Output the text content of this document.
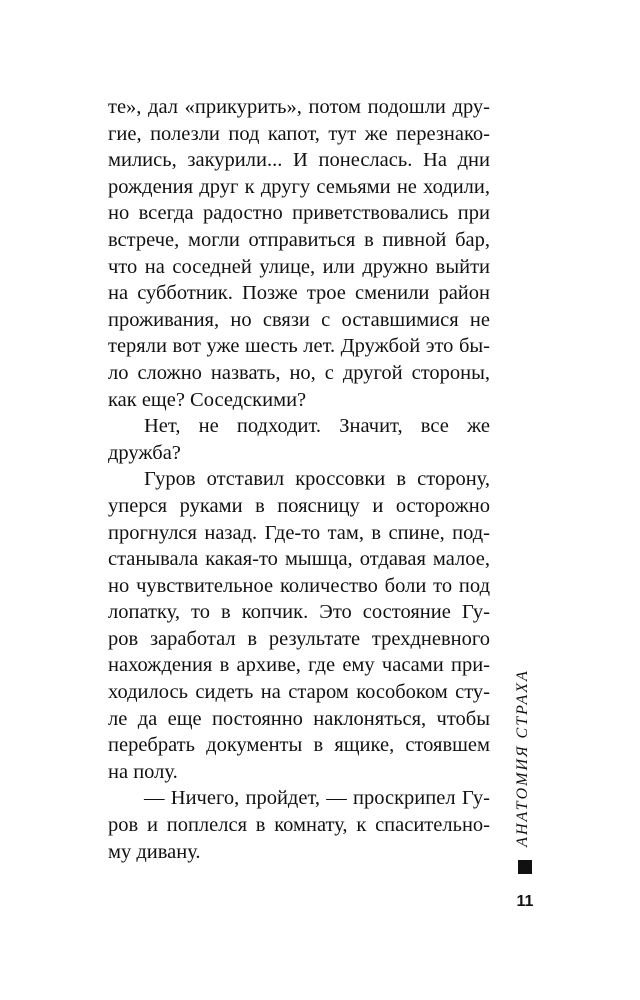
те», дал «прикурить», потом подошли дру-
гие, полезли под капот, тут же перезнако-
мились, закурили... И понеслась. На дни
рождения друг к другу семьями не ходили,
но всегда радостно приветствовались при
встрече, могли отправиться в пивной бар,
что на соседней улице, или дружно выйти
на субботник. Позже трое сменили район
проживания, но связи с оставшимися не
теряли вот уже шесть лет. Дружбой это бы-
ло сложно назвать, но, с другой стороны,
как еще? Соседскими?
Нет, не подходит. Значит, все же
дружба?
Гуров отставил кроссовки в сторону,
уперся руками в поясницу и осторожно
прогнулся назад. Где-то там, в спине, под-
станывала какая-то мышца, отдавая малое,
но чувствительное количество боли то под
лопатку, то в копчик. Это состояние Гу-
ров заработал в результате трехдневного
нахождения в архиве, где ему часами при-
ходилось сидеть на старом кособоком сту-
ле да еще постоянно наклоняться, чтобы
перебрать документы в ящике, стоявшем
на полу.
— Ничего, пройдет, — проскрипел Гу-
ров и поплелся в комнату, к спасительно-
му дивану.
АНАТОМИЯ СТРАХА
11
